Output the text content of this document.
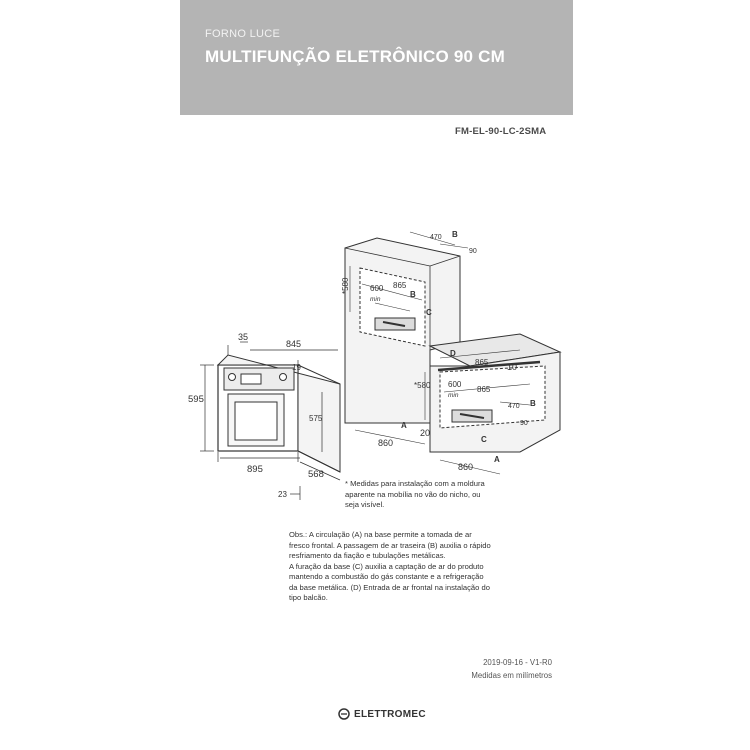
FORNO LUCE
MULTIFUNÇÃO ELETRÔNICO 90 CM
FM-EL-90-LC-2SMA
35
845
19
595
575
895	568
23
470 B
90
*580	600
min
865
B
C
A
860
20
D
10
865
*580 600
min
865
470 B
90
C
A
860
* Medidas para instalação com a moldura aparente na mobília no vão do nicho, ou seja visível.

Obs.: A circulação (A) na base permite a tomada de ar fresco frontal. A passagem de ar traseira (B) auxilia o rápido resfriamento da fiação e tubulações metálicas.

A furação da base (C) auxilia a captação de ar do produto mantendo a combustão do gás constante e a refrigeração da base metálica. (D) Entrada de ar frontal na instalação do tipo balcão.

2019-09-16 - V1-R0
Medidas em milímetros
ELETTROMEC
